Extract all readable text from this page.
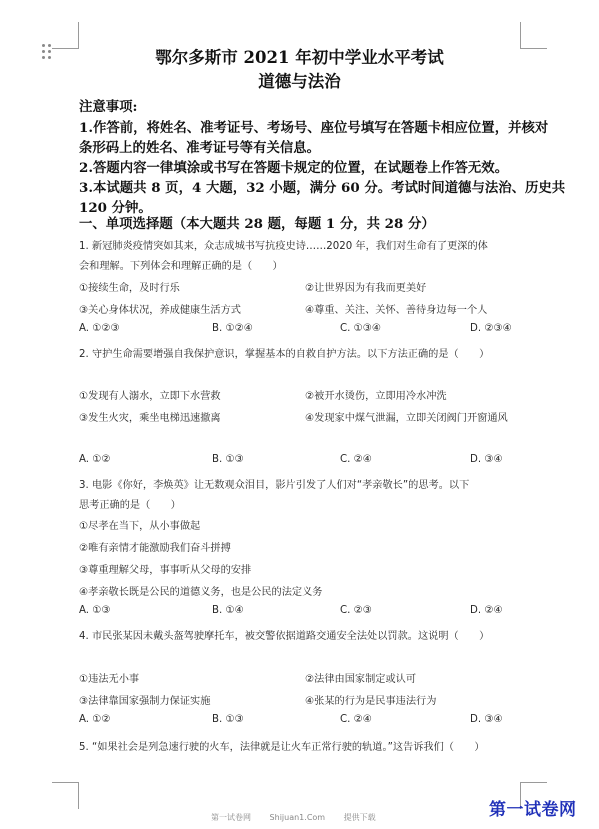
鄂尔多斯市 2021 年初中学业水平考试
道德与法治
注意事项:
1.作答前，将姓名、准考证号、考场号、座位号填写在答题卡相应位置，并核对
条形码上的姓名、准考证号等有关信息。
2.答题内容一律填涂或书写在答题卡规定的位置，在试题卷上作答无效。
3.本试题共 8 页，4 大题，32 小题，满分 60 分。考试时间道德与法治、历史共
120 分钟。
一、单项选择题（本大题共 28 题，每题 1 分，共 28 分）
1. 新冠肺炎疫情突如其来，众志成城书写抗疫史诗……2020 年，我们对生命有了更深的体
会和理解。下列体会和理解正确的是（　　）
①接续生命，及时行乐	②让世界因为有我而更美好
③关心身体状况，养成健康生活方式	④尊重、关注、关怀、善待身边每一个人
A. ①②③	B. ①②④	C. ①③④	D. ②③④
2. 守护生命需要增强自我保护意识，掌握基本的自救自护方法。以下方法正确的是（　　）
①发现有人溺水，立即下水营救	②被开水烫伤，立即用冷水冲洗
③发生火灾，乘坐电梯迅速撤离	④发现家中煤气泄漏，立即关闭阀门开窗通风
A. ①②	B. ①③	C. ②④	D. ③④
3. 电影《你好，李焕英》让无数观众泪目，影片引发了人们对“孝亲敬长”的思考。以下
思考正确的是（　　）
①尽孝在当下，从小事做起
②唯有亲情才能激励我们奋斗拼搏
③尊重理解父母，事事听从父母的安排
④孝亲敬长既是公民的道德义务，也是公民的法定义务
A. ①③	B. ①④	C. ②③	D. ②④
4. 市民张某因未戴头盔驾驶摩托车，被交警依据道路交通安全法处以罚款。这说明（　　）
①违法无小事	②法律由国家制定或认可
③法律靠国家强制力保证实施	④张某的行为是民事违法行为
A. ①②	B. ①③	C. ②④	D. ③④
5. “如果社会是列急速行驶的火车，法律就是让火车正常行驶的轨道。”这告诉我们（　　）
第一试卷网 Shijuan1.Com 提供下载	第一试卷网
